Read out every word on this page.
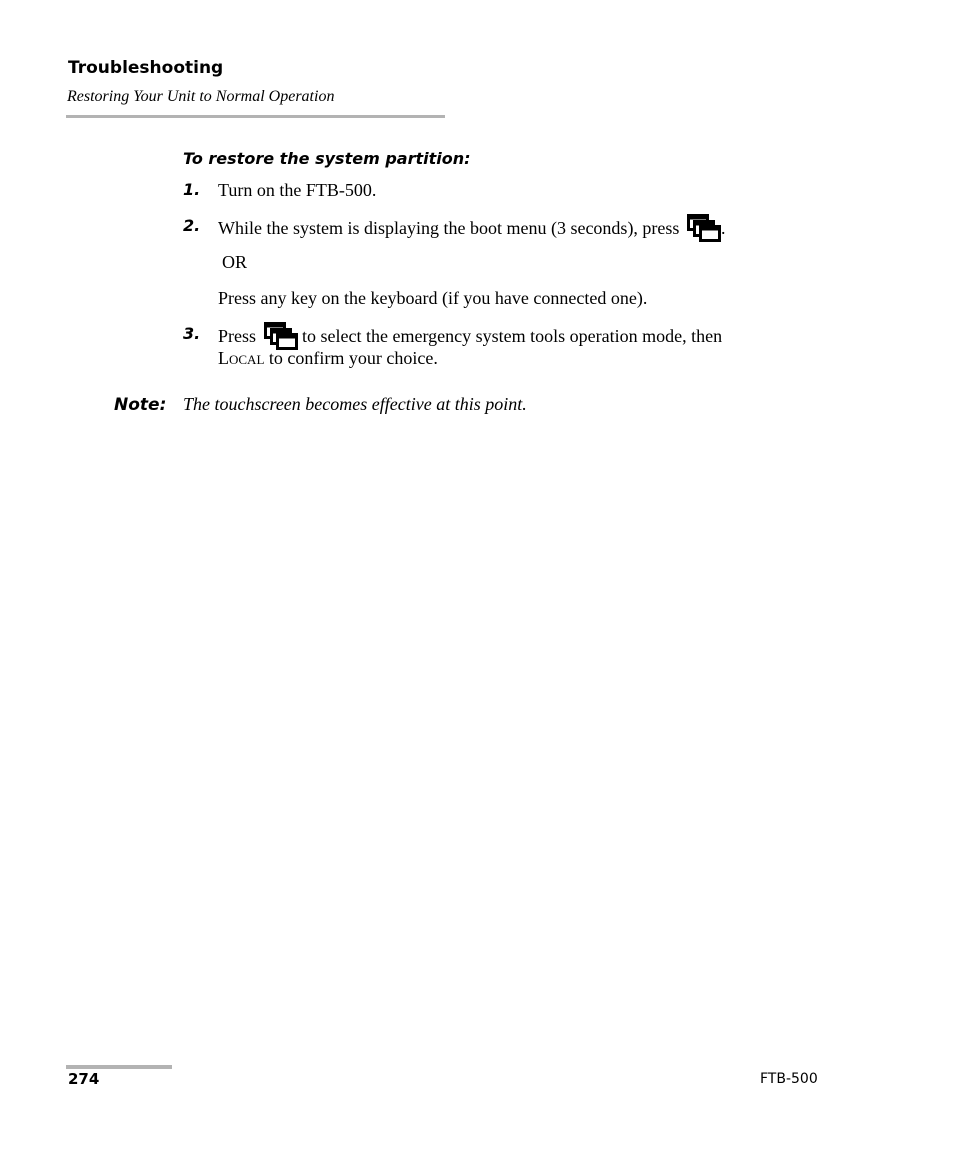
Troubleshooting
Restoring Your Unit to Normal Operation
To restore the system partition:
1. Turn on the FTB-500.
2. While the system is displaying the boot menu (3 seconds), press
.
OR
Press any key on the keyboard (if you have connected one).
3. Press
to select the emergency system tools operation mode, then
Local to confirm your choice.
Note: The touchscreen becomes effective at this point.
274	FTB-500
